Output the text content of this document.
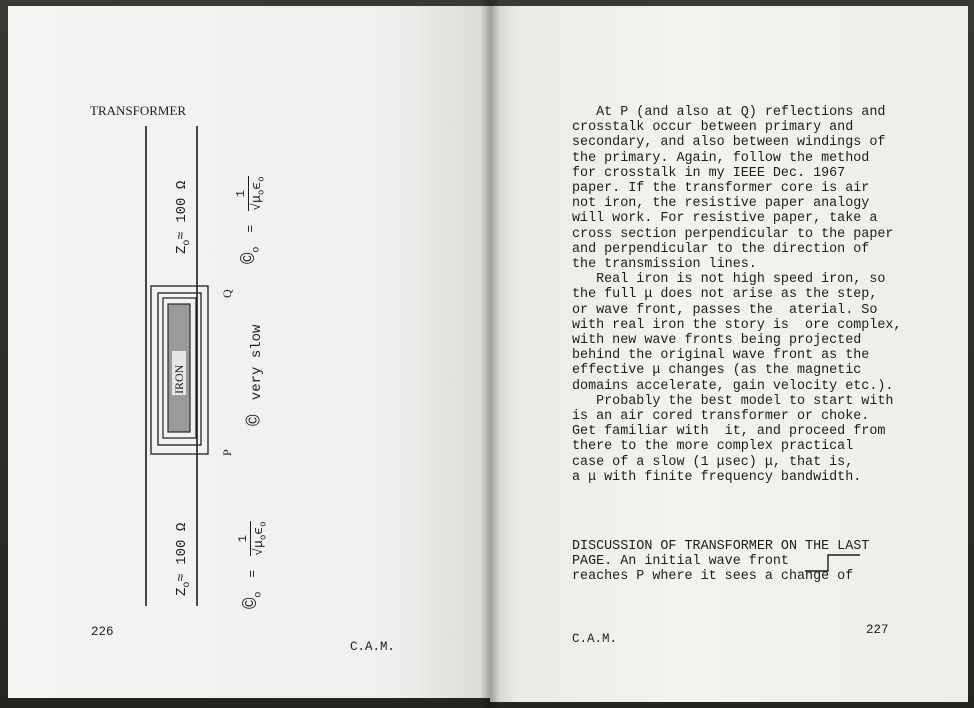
TRANSFORMER
IRON
$Z_o\approx 100$ Ω
$©_o$ =
1
$√\mu_o\epsilon_o$
P
Q
© very slow
$Z_o\approx 100$ Ω
$©_o$ =
1
$√\mu_o\epsilon_o$
226
C.A.M.
At P (and also at Q) reflections and
crosstalk occur between primary and
secondary, and also between windings of
the primary. Again, follow the method
for crosstalk in my IEEE Dec. 1967
paper. If the transformer core is air
not iron, the resistive paper analogy
will work. For resistive paper, take a
cross section perpendicular to the paper
and perpendicular to the direction of
the transmission lines.
Real iron is not high speed iron, so
the full μ does not arise as the step,
or wave front, passes the  aterial. So
with real iron the story is  ore complex,
with new wave fronts being projected
behind the original wave front as the
effective μ changes (as the magnetic
domains accelerate, gain velocity etc.).
Probably the best model to start with
is an air cored transformer or choke.
Get familiar with  it, and proceed from
there to the more complex practical
case of a slow (1 μsec) μ, that is,
a μ with finite frequency bandwidth.
DISCUSSION OF TRANSFORMER ON THE LAST
PAGE. An initial wave front
reaches P where it sees a change of
C.A.M.
227
